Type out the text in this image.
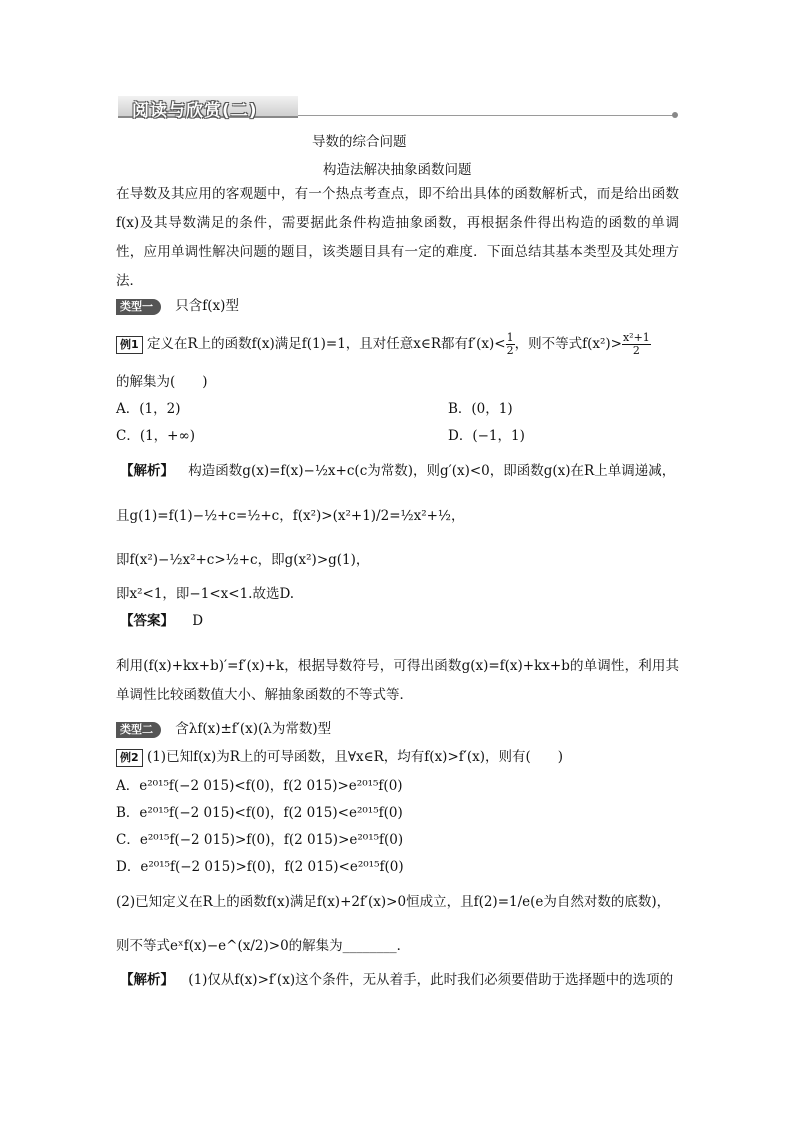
阅读与欣赏(二)
导数的综合问题
构造法解决抽象函数问题
在导数及其应用的客观题中，有一个热点考查点，即不给出具体的函数解析式，而是给出函数f(x)及其导数满足的条件，需要据此条件构造抽象函数，再根据条件得出构造的函数的单调性，应用单调性解决问题的题目，该类题目具有一定的难度．下面总结其基本类型及其处理方法．
类型一 只含f(x)型
例1 定义在R上的函数f(x)满足f(1)=1，且对任意x∈R都有$f'(x)< \frac{1}{2}$ ，则不等式$f(x^2)> \frac{\text{x²+1}}{2}$
的解集为(　　)
A．(1，2)	B．(0，1)
C．(1，+∞)	D．(−1，1)
【解析】 构造函数g(x)=f(x)−½x+c(c为常数)，则g′(x)<0，即函数g(x)在R上单调递减，
且g(1)=f(1)−½+c=½+c，f(x²)>(x²+1)/2=½x²+½，
即f(x²)−½x²+c>½+c，即g(x²)>g(1)，
即x²<1，即−1<x<1.故选D.
【答案】 D
利用(f(x)+kx+b)′=f′(x)+k，根据导数符号，可得出函数g(x)=f(x)+kx+b的单调性，利用其单调性比较函数值大小、解抽象函数的不等式等．
类型二 含λf(x)±f′(x)(λ为常数)型
例2 (1)已知f(x)为R上的可导函数，且∀x∈R，均有f(x)>f′(x)，则有(　　)
A．e²⁰¹⁵f(−2 015)<f(0)，f(2 015)>e²⁰¹⁵f(0)
B．e²⁰¹⁵f(−2 015)<f(0)，f(2 015)<e²⁰¹⁵f(0)
C．e²⁰¹⁵f(−2 015)>f(0)，f(2 015)>e²⁰¹⁵f(0)
D．e²⁰¹⁵f(−2 015)>f(0)，f(2 015)<e²⁰¹⁵f(0)
(2)已知定义在R上的函数f(x)满足f(x)+2f′(x)>0恒成立，且f(2)=1/e(e为自然对数的底数)，
则不等式eˣf(x)−e^(x/2)>0的解集为________．
【解析】 (1)仅从f(x)>f′(x)这个条件，无从着手，此时我们必须要借助于选择题中的选项的
